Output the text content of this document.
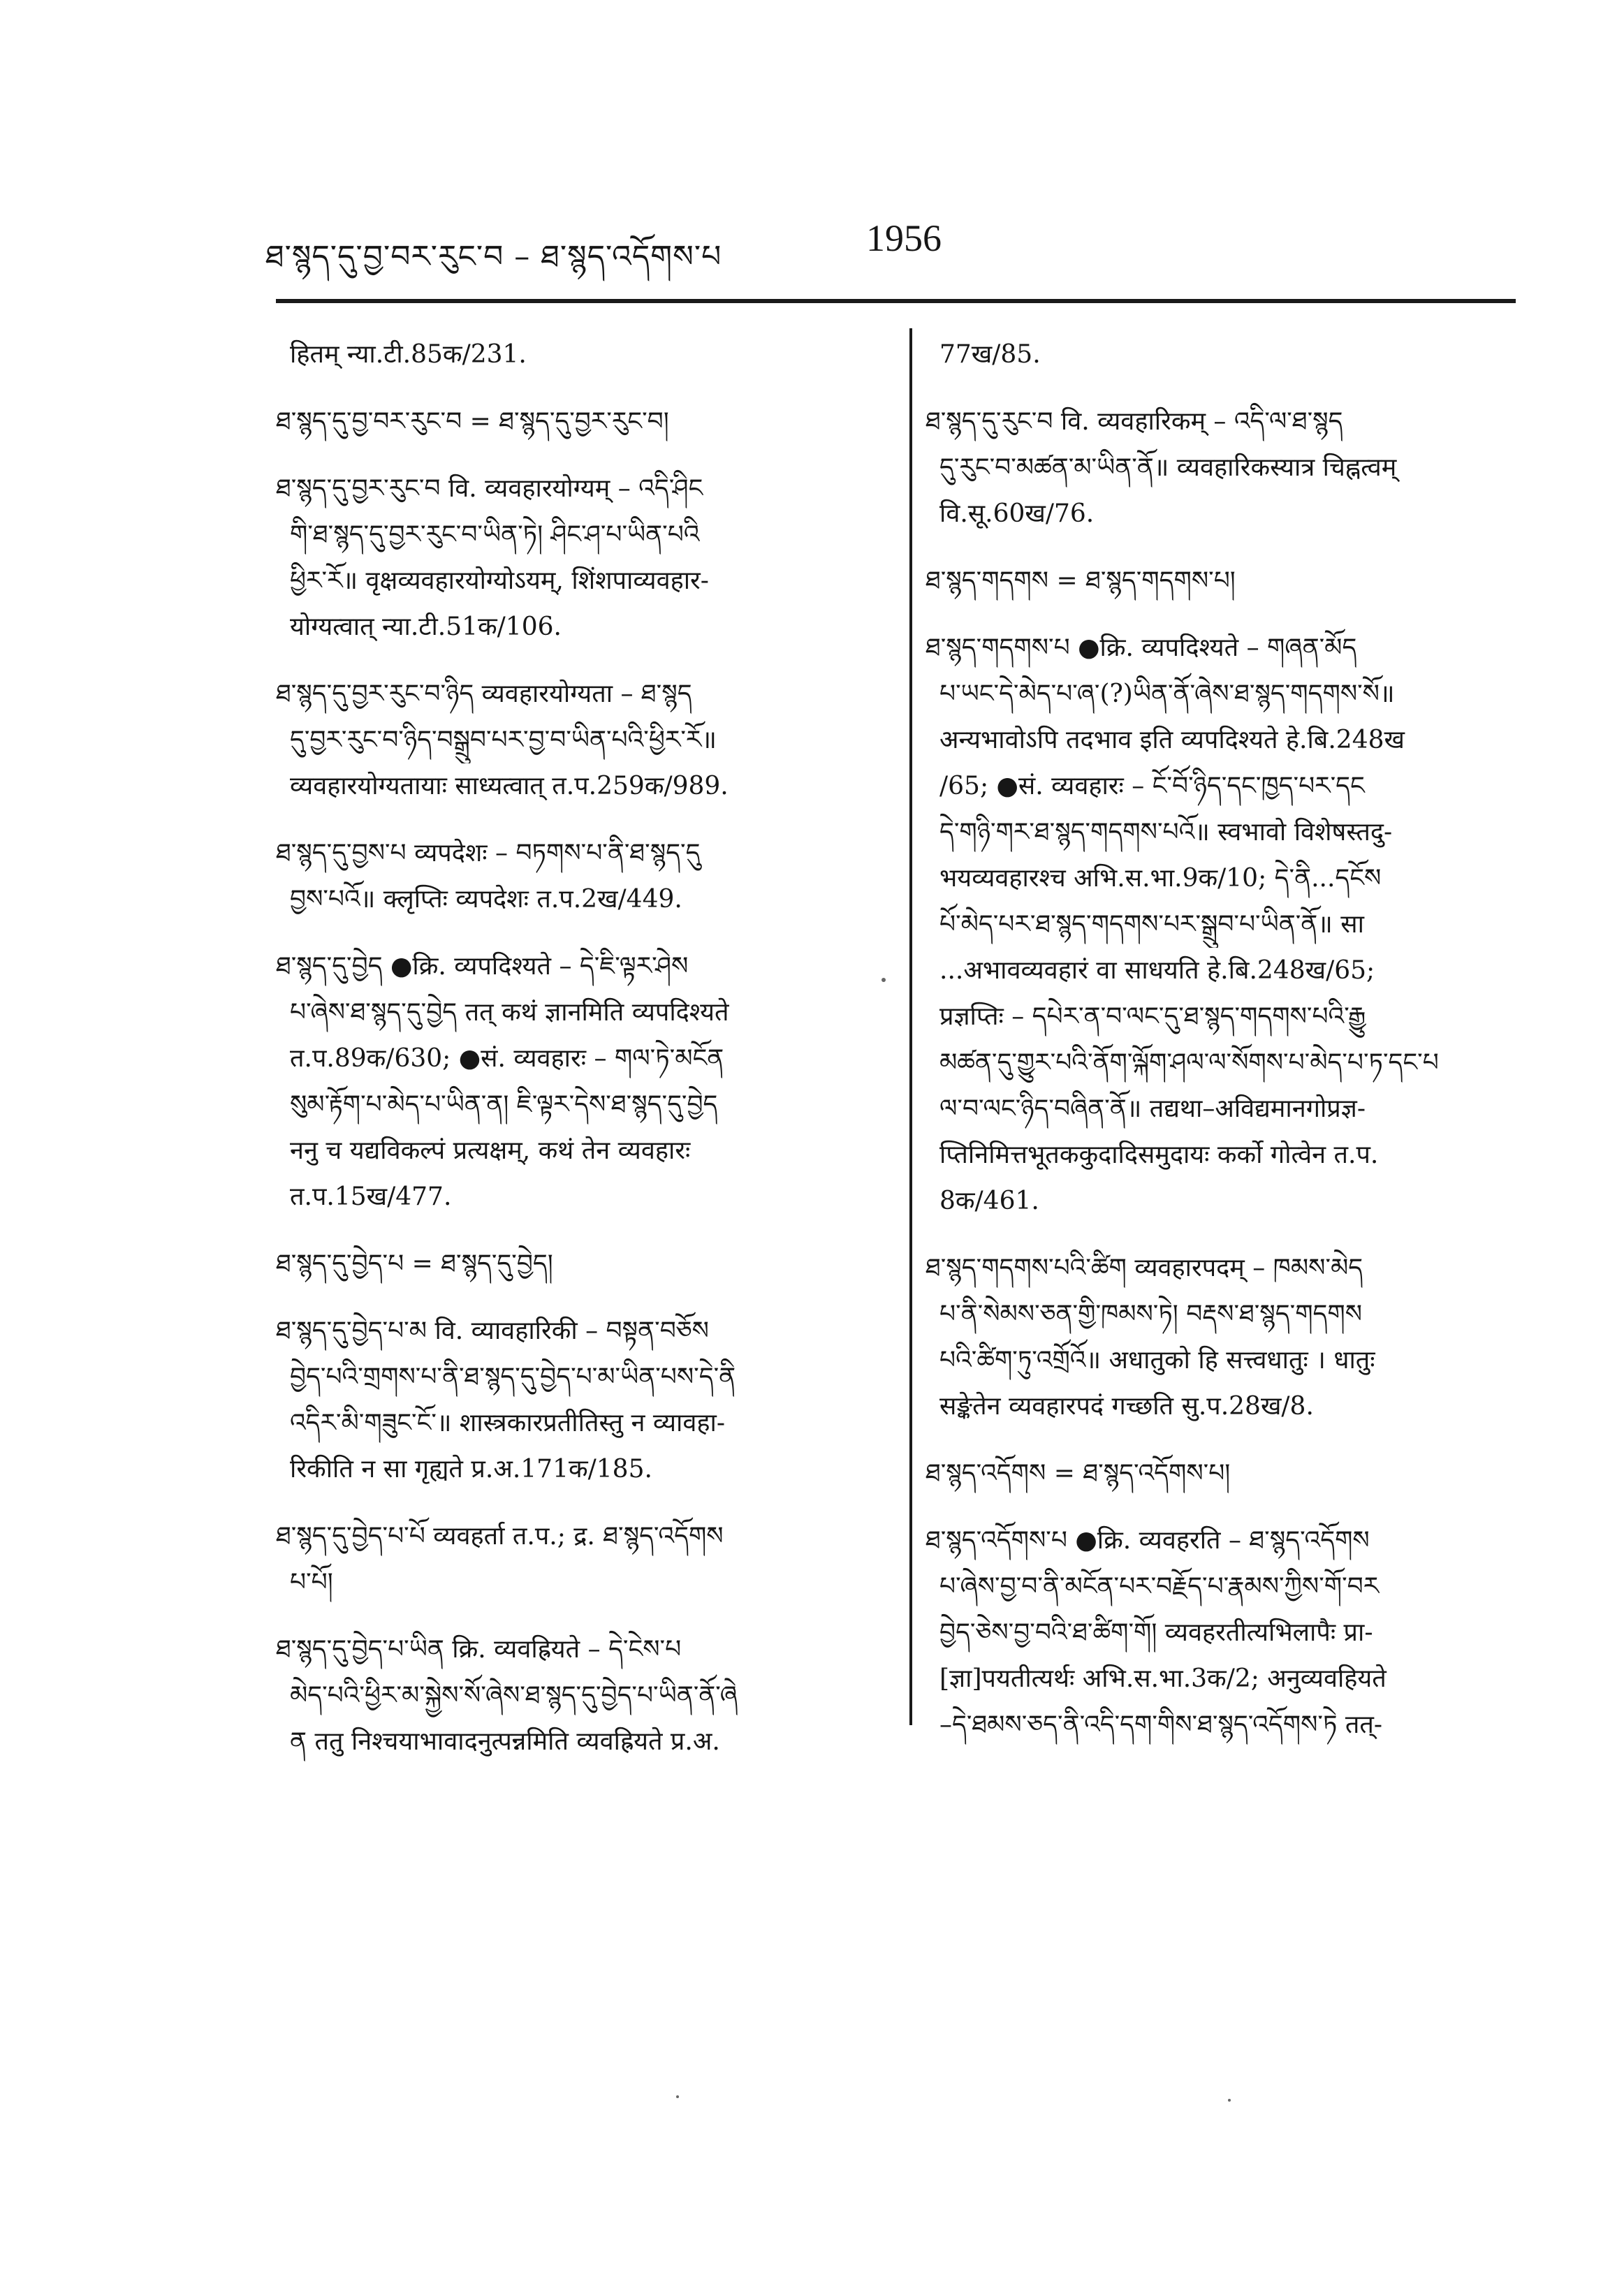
ཐ་སྙད་དུ་བྱ་བར་རུང་བ – ཐ་སྙད་འདོགས་པ	1956
हितम् न्या.टी.85क/231.
ཐ་སྙད་དུ་བྱ་བར་རུང་བ = ཐ་སྙད་དུ་བྱར་རུང་བ།
ཐ་སྙད་དུ་བྱར་རུང་བ वि. व्यवहारयोग्यम् – འདི་ཤིང
གི་ཐ་སྙད་དུ་བྱར་རུང་བ་ཡིན་ཏེ། ཤིང་ཤ་པ་ཡིན་པའི
ཕྱིར་རོ॥ वृक्षव्यवहारयोग्योऽयम्, शिंशपाव्यवहार-
योग्यत्वात् न्या.टी.51क/106.
ཐ་སྙད་དུ་བྱར་རུང་བ་ཉིད व्यवहारयोग्यता – ཐ་སྙད
དུ་བྱར་རུང་བ་ཉིད་བསྒྲུབ་པར་བྱ་བ་ཡིན་པའི་ཕྱིར་རོ॥
व्यवहारयोग्यतायाः साध्यत्वात् त.प.259क/989.
ཐ་སྙད་དུ་བྱས་པ व्यपदेशः – བཏགས་པ་ནི་ཐ་སྙད་དུ
བྱས་པའོ॥ क्लृप्तिः व्यपदेशः त.प.2ख/449.
ཐ་སྙད་དུ་བྱེད ●क्रि. व्यपदिश्यते – དེ་ཇི་ལྟར་ཤེས
པ་ཞེས་ཐ་སྙད་དུ་བྱེད तत् कथं ज्ञानमिति व्यपदिश्यते
त.प.89क/630; ●सं. व्यवहारः – གལ་ཏེ་མངོན
སུམ་རྟོག་པ་མེད་པ་ཡིན་ན། ཇི་ལྟར་དེས་ཐ་སྙད་དུ་བྱེད
ननु च यद्यविकल्पं प्रत्यक्षम्, कथं तेन व्यवहारः
त.प.15ख/477.
ཐ་སྙད་དུ་བྱེད་པ = ཐ་སྙད་དུ་བྱེད།
ཐ་སྙད་དུ་བྱེད་པ་མ वि. व्यावहारिकी – བསྟན་བཅོས
བྱེད་པའི་གྲགས་པ་ནི་ཐ་སྙད་དུ་བྱེད་པ་མ་ཡིན་པས་དེ་ནི
འདིར་མི་གཟུང་ངོ་॥ शास्त्रकारप्रतीतिस्तु न व्यावहा-
रिकीति न सा गृह्यते प्र.अ.171क/185.
ཐ་སྙད་དུ་བྱེད་པ་པོ व्यवहर्ता त.प.; द्र. ཐ་སྙད་འདོགས
པ་པོ།
ཐ་སྙད་དུ་བྱེད་པ་ཡིན क्रि. व्यवह्रियते – དེ་ངེས་པ
མེད་པའི་ཕྱིར་མ་སྐྱེས་སོ་ཞེས་ཐ་སྙད་དུ་བྱེད་པ་ཡིན་ནོ་ཞེ
ན ततु निश्चयाभावादनुत्पन्नमिति व्यवह्रियते प्र.अ.
77ख/85.
ཐ་སྙད་དུ་རུང་བ वि. व्यवहारिकम् – འདི་ལ་ཐ་སྙད
དུ་རུང་བ་མཚན་མ་ཡིན་ནོ॥ व्यवहारिकस्यात्र चिह्नत्वम्
वि.सू.60ख/76.
ཐ་སྙད་གདགས = ཐ་སྙད་གདགས་པ།
ཐ་སྙད་གདགས་པ ●क्रि. व्यपदिश्यते – གཞན་མོད
པ་ཡང་དེ་མེད་པ་ཞ་(?)ཡིན་ནོ་ཞེས་ཐ་སྙད་གདགས་སོ॥
अन्यभावोऽपि तदभाव इति व्यपदिश्यते हे.बि.248ख
/65; ●सं. व्यवहारः – ངོ་བོ་ཉིད་དང་ཁྱད་པར་དང
དེ་གཉི་གར་ཐ་སྙད་གདགས་པའོ॥ स्वभावो विशेषस्तदु-
भयव्यवहारश्च अभि.स.भा.9क/10; དེ་ནི...དངོས
པོ་མེད་པར་ཐ་སྙད་གདགས་པར་སྒྲུབ་པ་ཡིན་ནོ॥ सा
...अभावव्यवहारं वा साधयति हे.बि.248ख/65;
प्रज्ञप्तिः – དཔེར་ན་བ་ལང་དུ་ཐ་སྙད་གདགས་པའི་རྒྱུ
མཚན་དུ་གྱུར་པའི་ནོག་ལྐོག་ཤལ་ལ་སོགས་པ་མེད་པ་ཏ་དང་པ
ལ་བ་ལང་ཉིད་བཞིན་ནོ॥ तद्यथा–अविद्यमानगोप्रज्ञ-
प्तिनिमित्तभूतककुदादिसमुदायः कर्को गोत्वेन त.प.
8क/461.
ཐ་སྙད་གདགས་པའི་ཚིག व्यवहारपदम् – ཁམས་མེད
པ་ནི་སེམས་ཅན་གྱི་ཁམས་ཏེ། བརྡས་ཐ་སྙད་གདགས
པའི་ཚིག་ཏུ་འགྲོའོ॥ अधातुको हि सत्त्वधातुः । धातुः
सङ्केतेन व्यवहारपदं गच्छति सु.प.28ख/8.
ཐ་སྙད་འདོགས = ཐ་སྙད་འདོགས་པ།
ཐ་སྙད་འདོགས་པ ●क्रि. व्यवहरति – ཐ་སྙད་འདོགས
པ་ཞེས་བྱ་བ་ནི་མངོན་པར་བརྗོད་པ་རྣམས་ཀྱིས་གོ་བར
བྱེད་ཅེས་བྱ་བའི་ཐ་ཚིག་གོ། व्यवहरतीत्यभिलापैः प्रा-
[ज्ञा]पयतीत्यर्थः अभि.स.भा.3क/2; अनुव्यवहियते
–དེ་ཐམས་ཅད་ནི་འདི་དག་གིས་ཐ་སྙད་འདོགས་ཏེ तत्-
